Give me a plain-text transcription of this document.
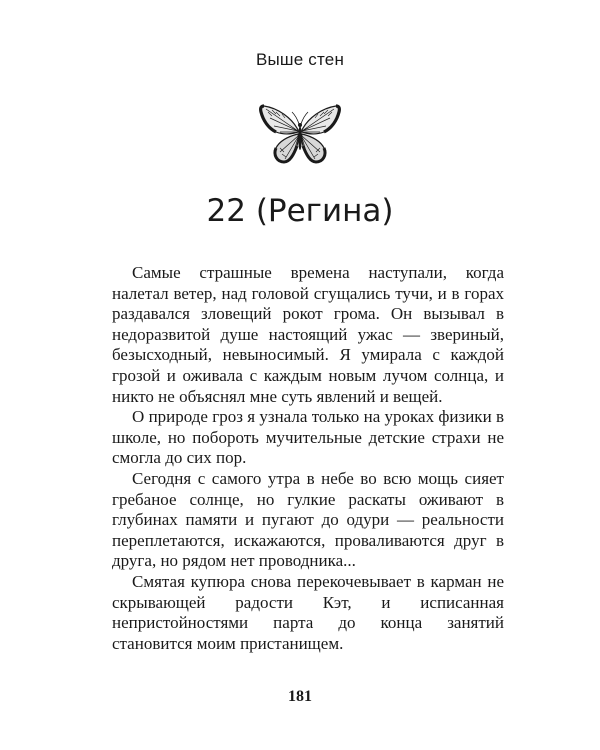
Выше стен
22 (Регина)

Самые страшные времена наступали, когда налетал ветер, над головой сгущались тучи, и в горах раздавался зловещий рокот грома. Он вызывал в недоразвитой душе настоящий ужас — звериный, безысходный, невыносимый. Я умирала с каждой грозой и оживала с каждым новым лучом солнца, и никто не объяснял мне суть явлений и вещей.

О природе гроз я узнала только на уроках физики в школе, но побороть мучительные детские страхи не смогла до сих пор.

Сегодня с самого утра в небе во всю мощь сияет гребаное солнце, но гулкие раскаты оживают в глубинах памяти и пугают до одури — реальности переплетаются, искажаются, проваливаются друг в друга, но рядом нет проводника...

Смятая купюра снова перекочевывает в карман не скрывающей радости Кэт, и исписанная непристойностями парта до конца занятий становится моим пристанищем.

181
